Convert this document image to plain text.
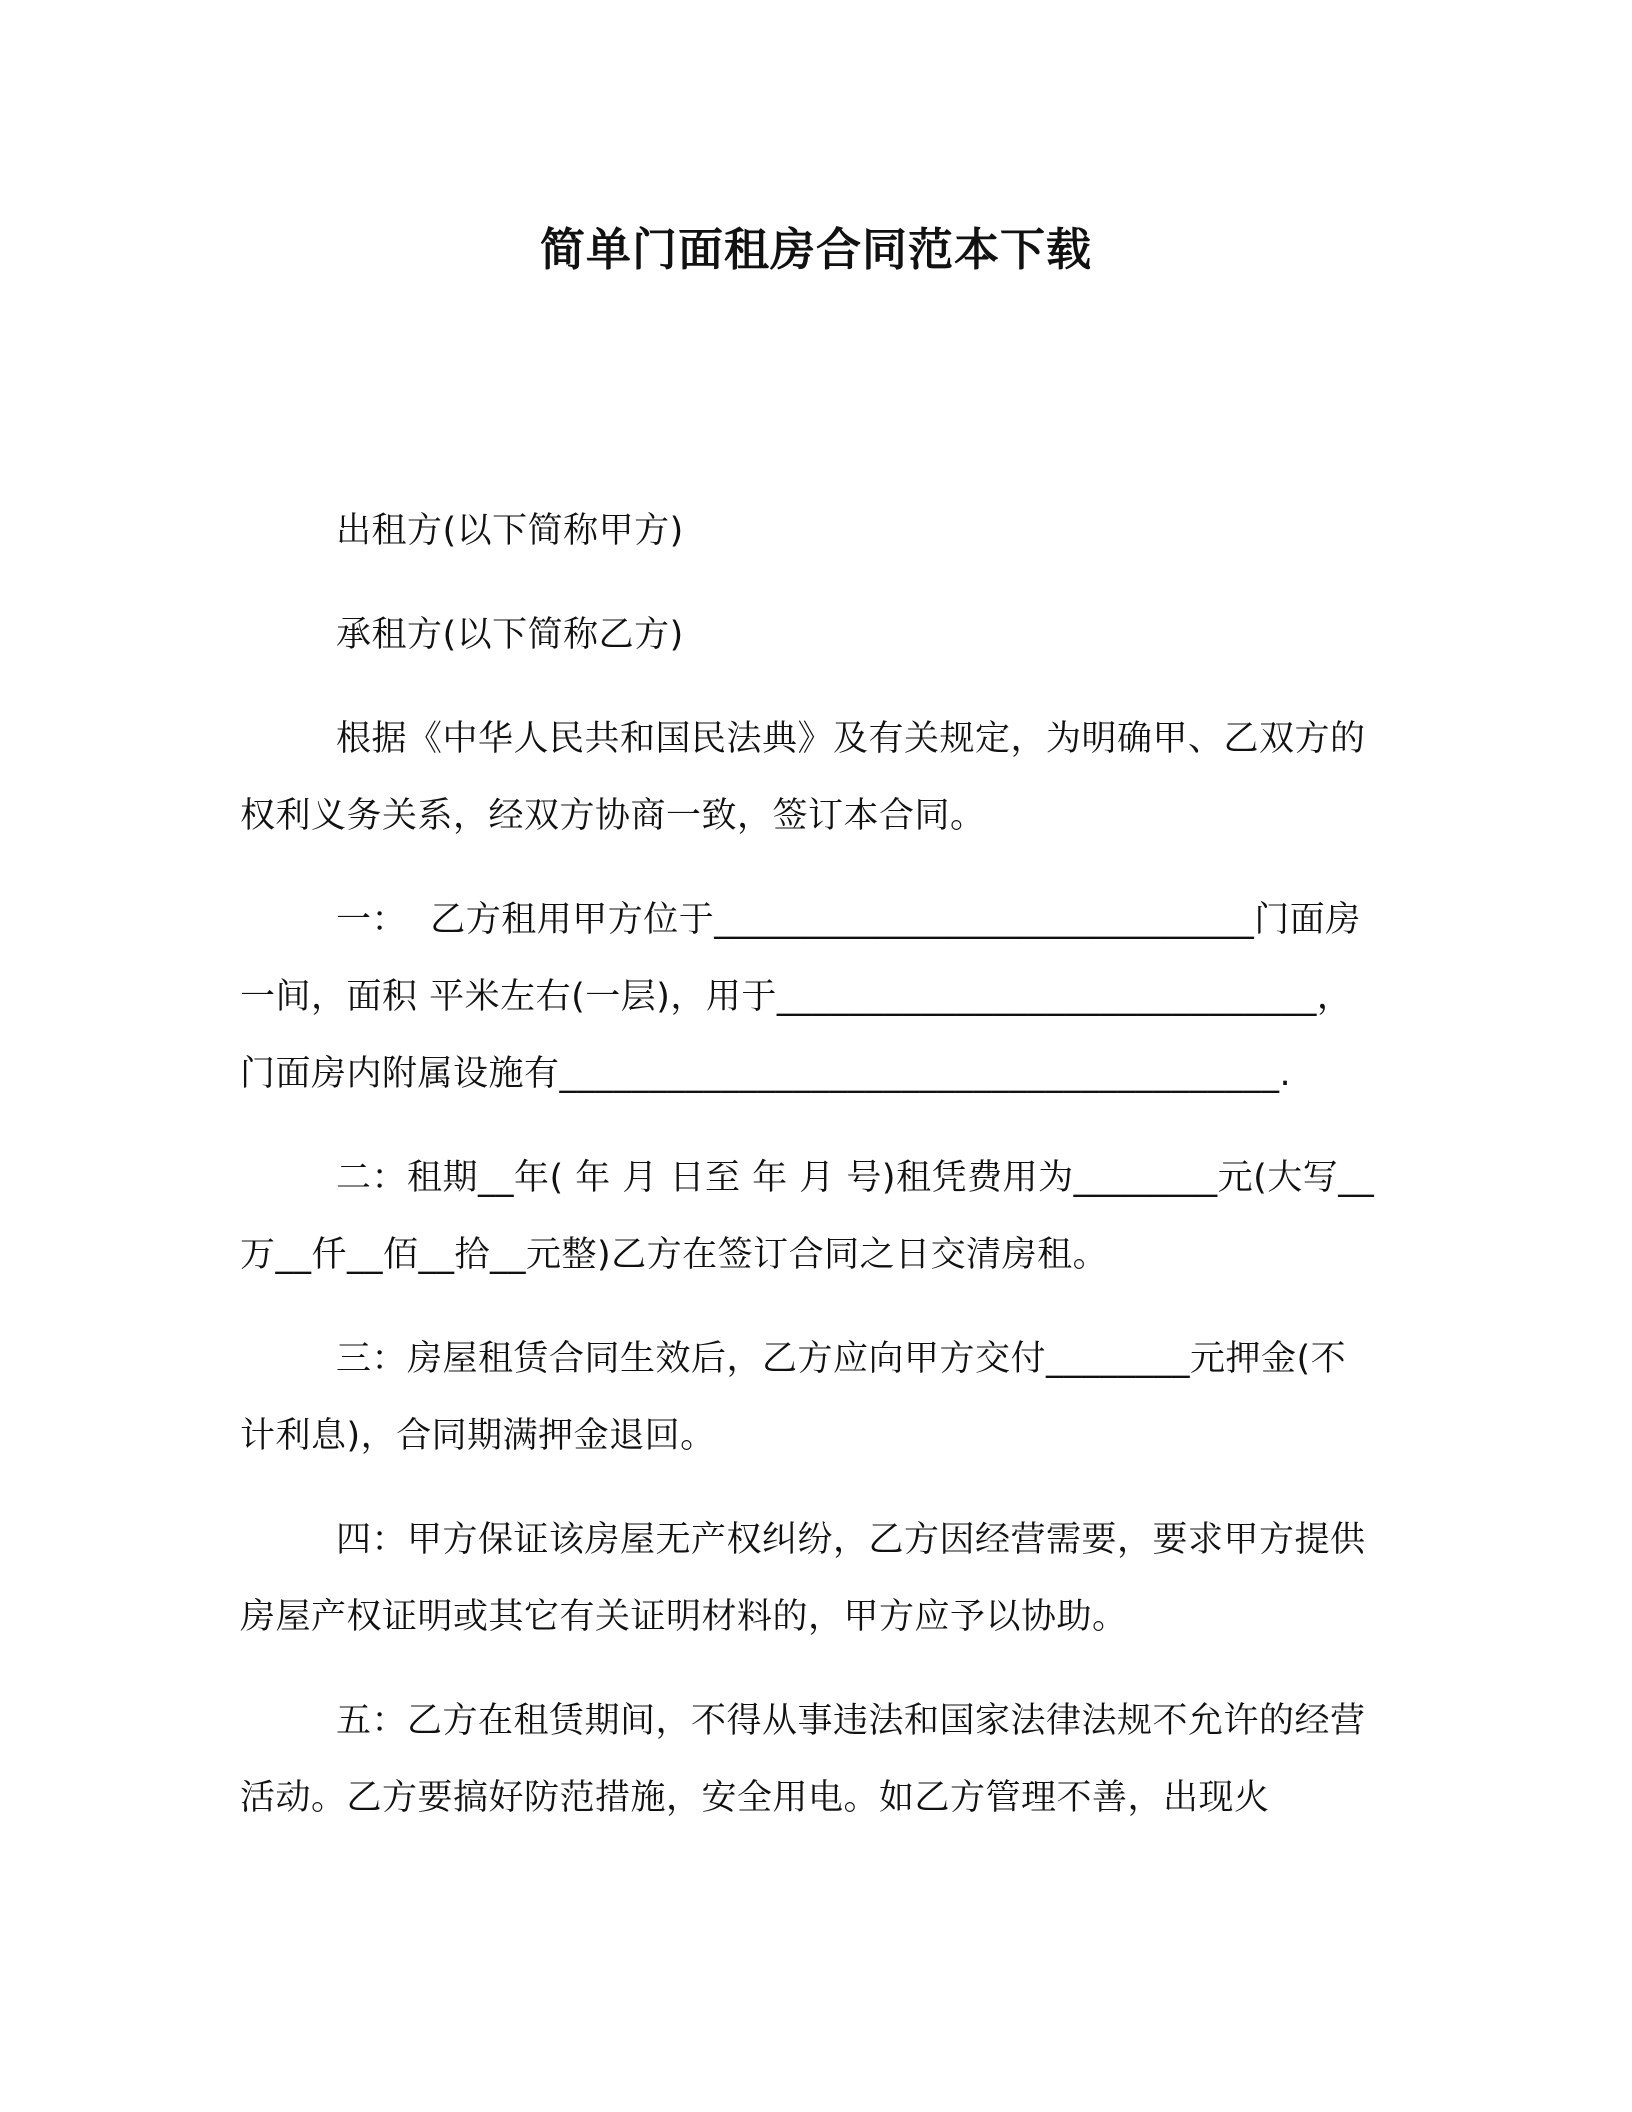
简单门面租房合同范本下载

出租方(以下简称甲方)

承租方(以下简称乙方)

根据《中华人民共和国民法典》及有关规定，为明确甲、乙双方的权利义务关系，经双方协商一致，签订本合同。

一：  乙方租用甲方位于______________________________门面房一间，面积 平米左右(一层)，用于______________________________，门面房内附属设施有________________________________________.

二：租期__年( 年 月 日至 年 月 号)租凭费用为________元(大写__万__仟__佰__拾__元整)乙方在签订合同之日交清房租。

三：房屋租赁合同生效后，乙方应向甲方交付________元押金(不计利息)，合同期满押金退回。

四：甲方保证该房屋无产权纠纷，乙方因经营需要，要求甲方提供房屋产权证明或其它有关证明材料的，甲方应予以协助。

五：乙方在租赁期间，不得从事违法和国家法律法规不允许的经营活动。乙方要搞好防范措施，安全用电。如乙方管理不善，出现火
